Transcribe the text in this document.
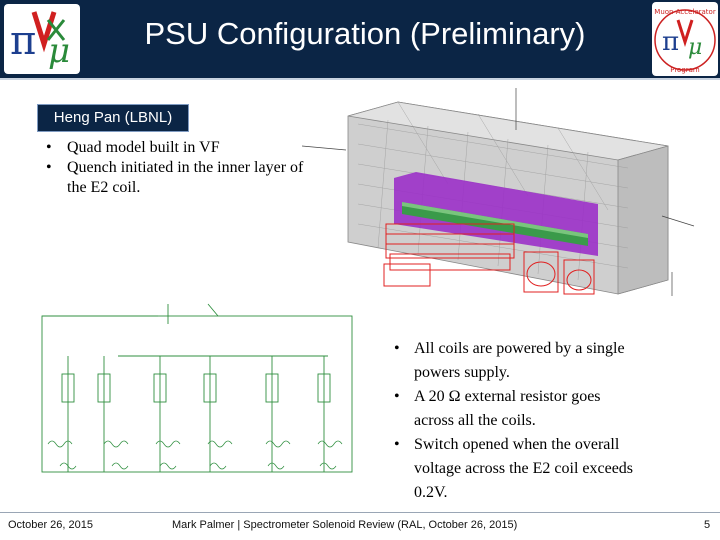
π μ	π μ
Muon Accelerator
Program
PSU Configuration (Preliminary)
Heng Pan (LBNL)
• Quad model built in VF
• Quench initiated in the inner layer of the E2 coil.
• All coils are powered by a single powers supply.
• A 20 Ω external resistor goes across all the coils.
• Switch opened when the overall voltage across the E2 coil exceeds 0.2V.
October 26, 2015	Mark Palmer | Spectrometer Solenoid Review (RAL, October 26, 2015)	5
